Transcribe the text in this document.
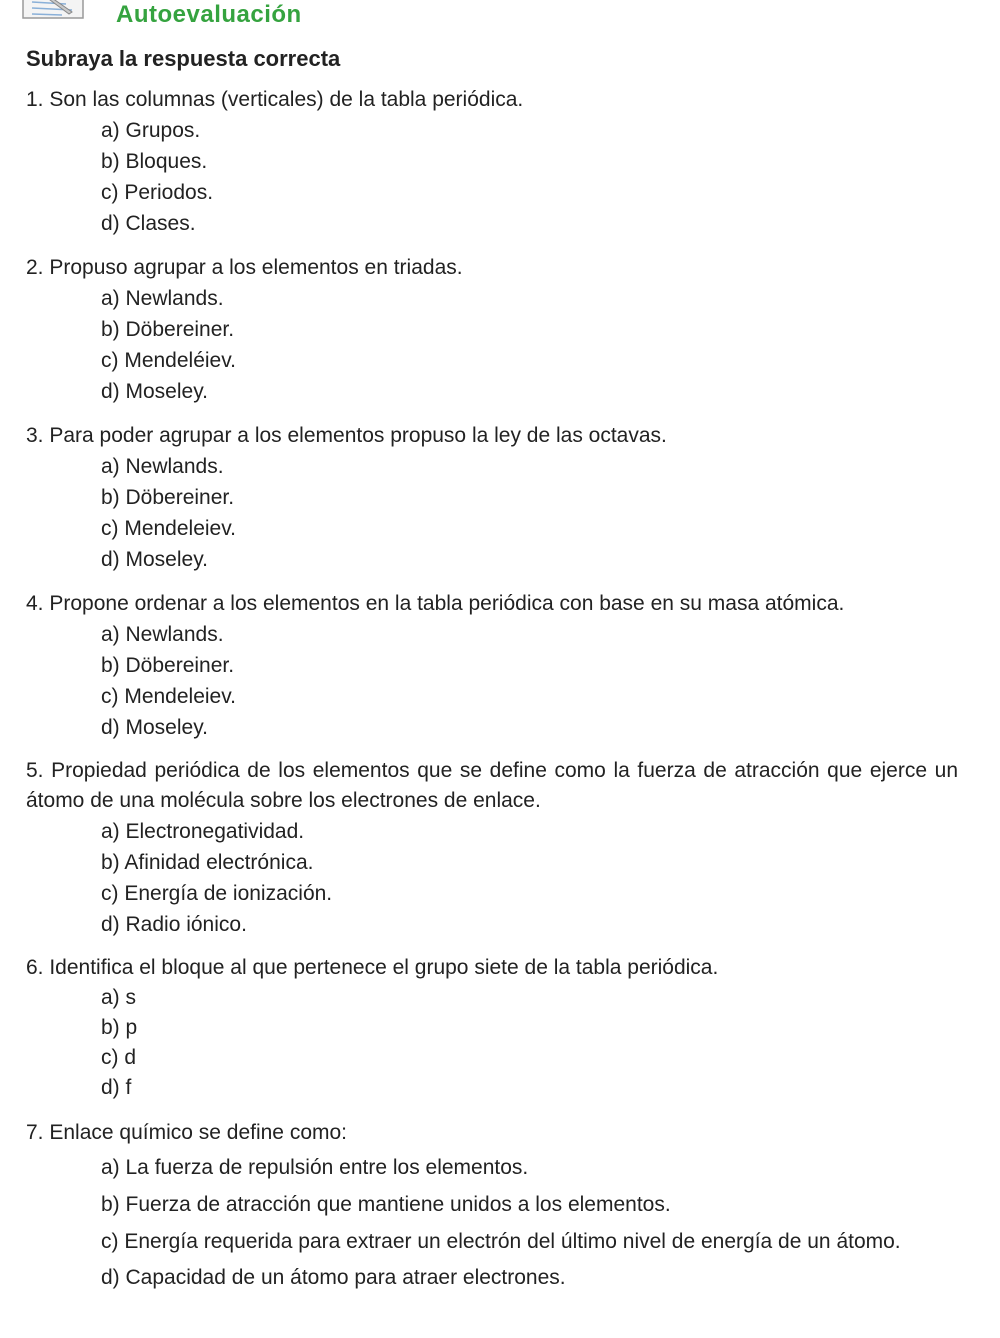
Autoevaluación
Subraya la respuesta correcta
1. Son las columnas (verticales) de la tabla periódica.
a) Grupos.
b) Bloques.
c) Periodos.
d) Clases.
2. Propuso agrupar a los elementos en triadas.
a) Newlands.
b) Döbereiner.
c) Mendeléiev.
d) Moseley.
3. Para poder agrupar a los elementos propuso la ley de las octavas.
a) Newlands.
b) Döbereiner.
c) Mendeleiev.
d) Moseley.
4. Propone ordenar a los elementos en la tabla periódica con base en su masa atómica.
a) Newlands.
b) Döbereiner.
c) Mendeleiev.
d) Moseley.
5. Propiedad periódica de los elementos que se define como la fuerza de atracción que ejerce un átomo de una molécula sobre los electrones de enlace.
a) Electronegatividad.
b) Afinidad electrónica.
c) Energía de ionización.
d) Radio iónico.
6. Identifica el bloque al que pertenece el grupo siete de la tabla periódica.
a) s
b) p
c) d
d) f
7. Enlace químico se define como:
a) La fuerza de repulsión entre los elementos.
b) Fuerza de atracción que mantiene unidos a los elementos.
c) Energía requerida para extraer un electrón del último nivel de energía de un átomo.
d) Capacidad de un átomo para atraer electrones.
